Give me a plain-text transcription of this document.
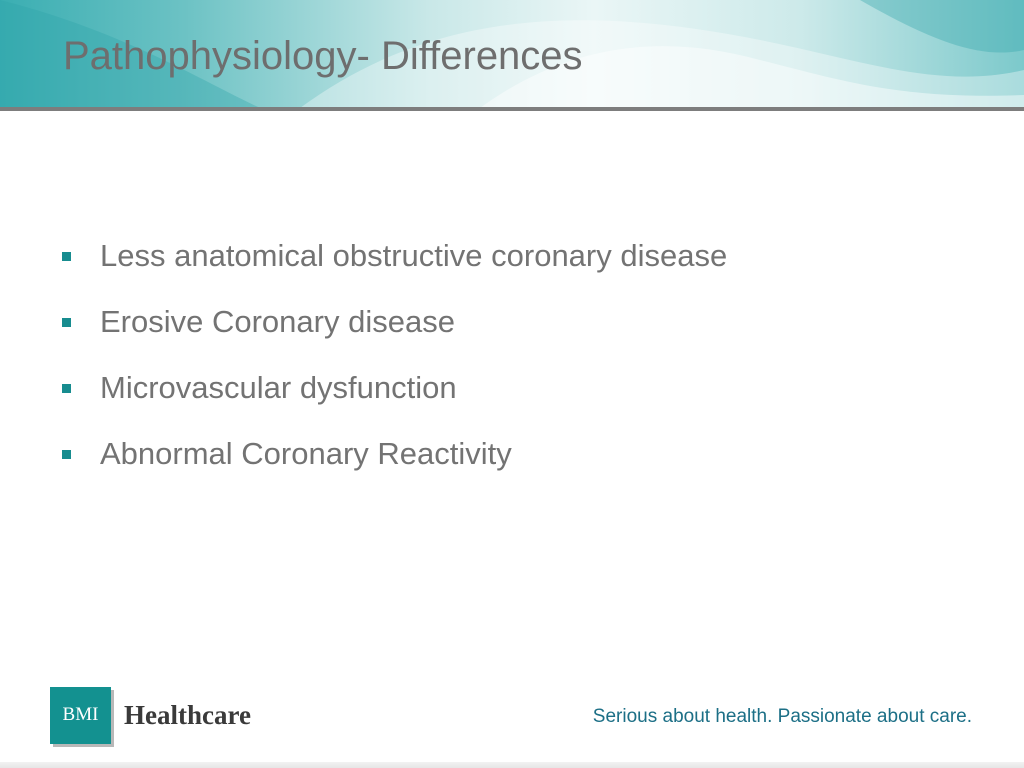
Pathophysiology- Differences
Less anatomical obstructive coronary disease
Erosive Coronary disease
Microvascular dysfunction
Abnormal Coronary Reactivity
BMI Healthcare	Serious about health. Passionate about care.
